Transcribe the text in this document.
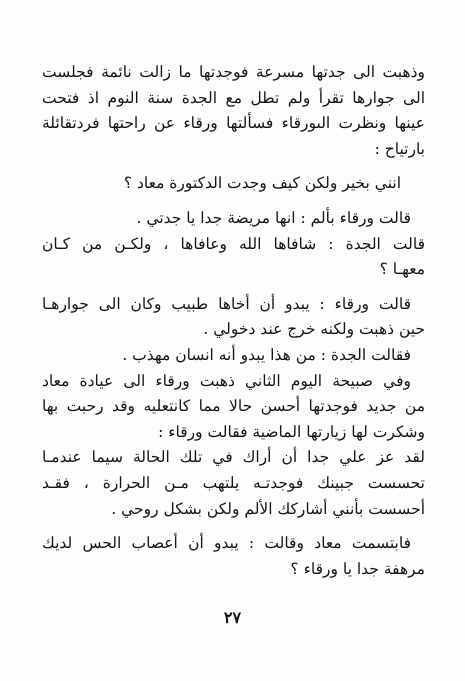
وذهبت الى جدتها مسرعة فوجدتها ما زالت نائمة فجلست
الى جوارها تقرأ ولم تطل مع الجدة سنة النوم اذ فتحت
عينها ونظرت الىورقاء فسألتها ورقاء عن راحتها فردتقائلة
بارتياح :
انني بخير ولكن كيف وجدت الدكتورة معاد ؟
قالت ورقاء بألم : انها مريضة جدا يا جدتي .
قالت الجدة : شافاها الله وعافاها ، ولكـن من كـان
معهـا ؟
قالت ورقاء : يبدو أن أخاها طبيب وكان الى جوارهـا
حين ذهبت ولكنه خرج عند دخولي .
فقالت الجدة : من هذا يبدو أنه انسان مهذب .
وفي صبيحة اليوم الثاني ذهبت ورقاء الى عيادة معاد
من جديد فوجدتها أحسن حالا مما كانتعليه وقد رحبت بها
وشكرت لها زيارتها الماضية فقالت ورقاء :
لقد عز علي جدا أن أراك في تلك الحالة سيما عندمـا
تحسست جبينك فوجدتـه يلتهب مـن الحرارة ، فقـد
أحسست بأنني أشاركك الألم ولكن بشكل روحي .
فابتسمت معاد وقالت : يبدو أن أعصاب الحس لديك
مرهفة جدا يا ورقاء ؟
٢٧
